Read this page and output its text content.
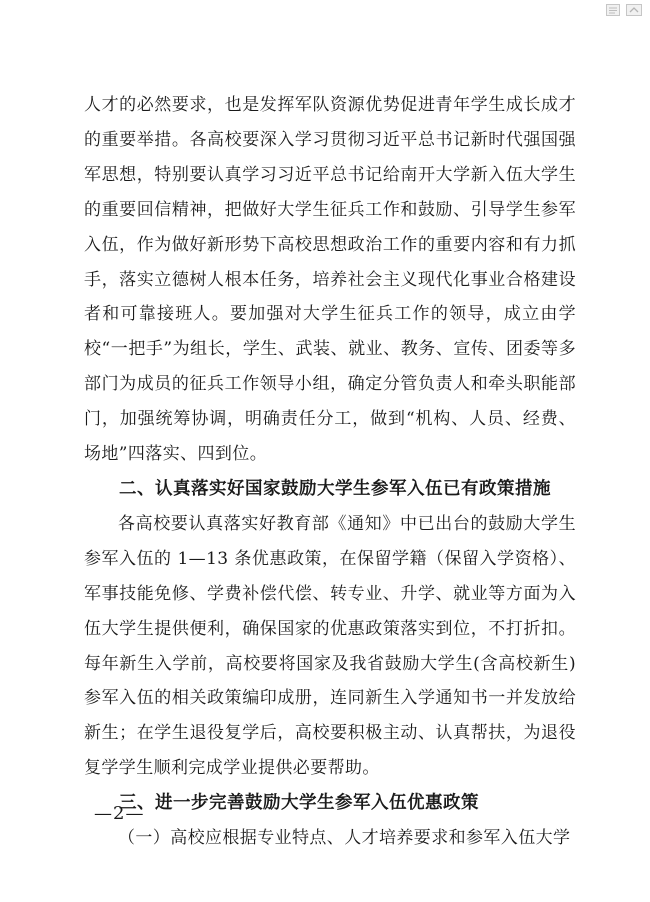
人才的必然要求，也是发挥军队资源优势促进青年学生成长成才的重要举措。各高校要深入学习贯彻习近平总书记新时代强国强军思想，特别要认真学习习近平总书记给南开大学新入伍大学生的重要回信精神，把做好大学生征兵工作和鼓励、引导学生参军入伍，作为做好新形势下高校思想政治工作的重要内容和有力抓手，落实立德树人根本任务，培养社会主义现代化事业合格建设者和可靠接班人。要加强对大学生征兵工作的领导，成立由学校“一把手”为组长，学生、武装、就业、教务、宣传、团委等多部门为成员的征兵工作领导小组，确定分管负责人和牵头职能部门，加强统筹协调，明确责任分工，做到“机构、人员、经费、场地”四落实、四到位。

二、认真落实好国家鼓励大学生参军入伍已有政策措施

各高校要认真落实好教育部《通知》中已出台的鼓励大学生参军入伍的 1—13 条优惠政策，在保留学籍（保留入学资格）、军事技能免修、学费补偿代偿、转专业、升学、就业等方面为入伍大学生提供便利，确保国家的优惠政策落实到位，不打折扣。每年新生入学前，高校要将国家及我省鼓励大学生(含高校新生)参军入伍的相关政策编印成册，连同新生入学通知书一并发放给新生；在学生退役复学后，高校要积极主动、认真帮扶，为退役复学学生顺利完成学业提供必要帮助。

三、进一步完善鼓励大学生参军入伍优惠政策

（一）高校应根据专业特点、人才培养要求和参军入伍大学

—2—
